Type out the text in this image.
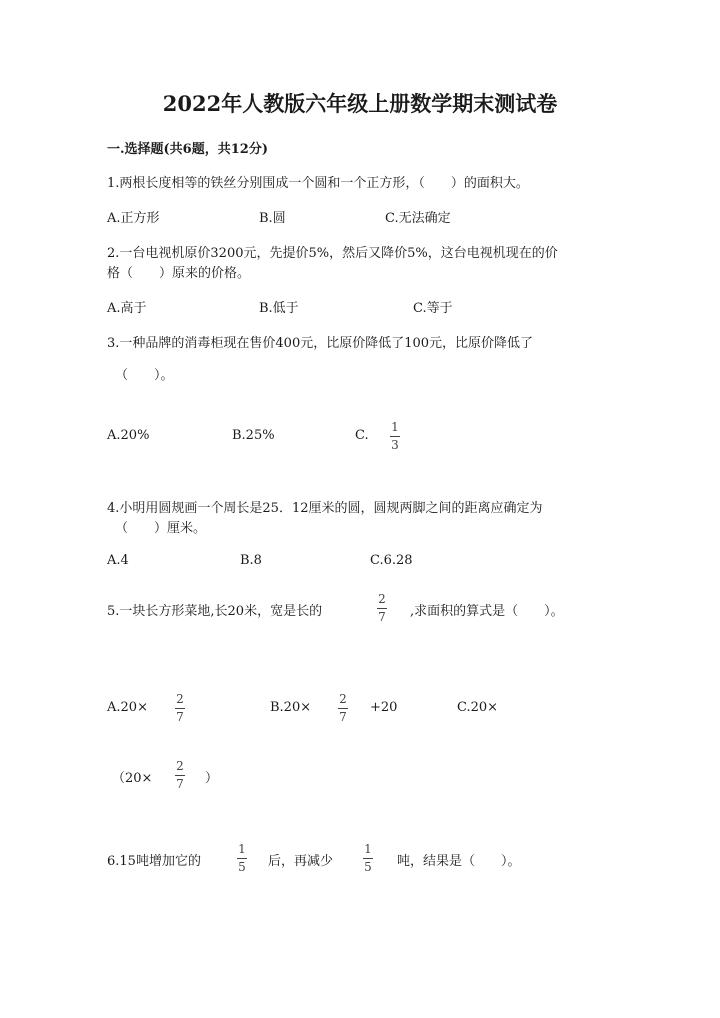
2022年人教版六年级上册数学期末测试卷
一.选择题(共6题，共12分)
1.两根长度相等的铁丝分别围成一个圆和一个正方形，（　　）的面积大。
A.正方形	B.圆	C.无法确定
2.一台电视机原价3200元，先提价5%，然后又降价5%，这台电视机现在的价
格（　　）原来的价格。
A.高于	B.低于	C.等于
3.一种品牌的消毒柜现在售价400元，比原价降低了100元，比原价降低了
（　　）。
A.20%	B.25%	C.
1
3
4.小明用圆规画一个周长是25．12厘米的圆，圆规两脚之间的距离应确定为
（　　）厘米。
A.4	B.8	C.6.28
5.一块长方形菜地,长20米，宽是长的
2
7 ,求面积的算式是（　　）。
A.20×
2
7
B.20×
2
7
+20	C.20×
（20×
2
7 ）
6.15吨增加它的
1
5 后，再减少
1
5 吨，结果是（　　）。
